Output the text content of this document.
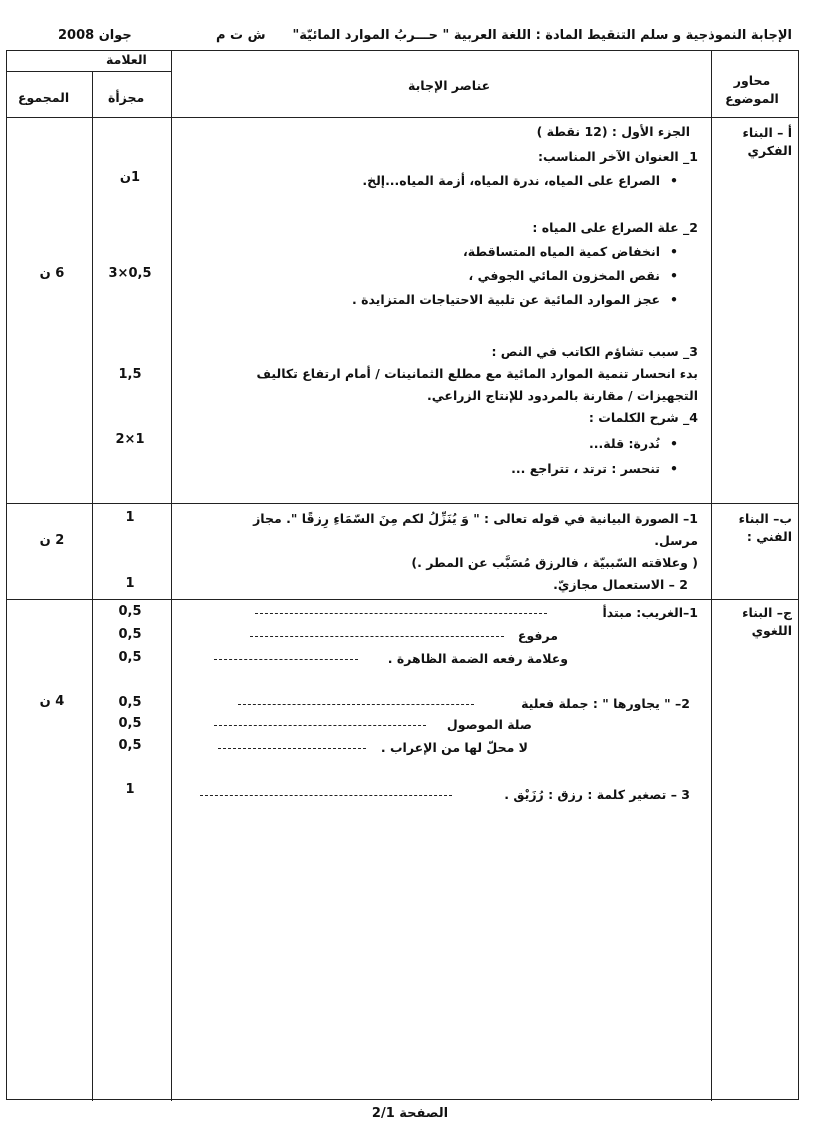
الإجابة النموذجية و سلم التنقيط المادة : اللغة العربية " حـــربُ الموارد المائيّة"
ش ت م
جوان 2008
العلامة
المجموع	مجزأة
عناصر الإجابة	محاور الموضوع
أ – البناء الفكري
6 ن
الجزء الأول : (12 نقطة )
1_ العنوان الآخر المناسب:
• الصراع على المياه، ندرة المياه، أزمة المياه...إلخ.
2_ علة الصراع على المياه :
• انخفاض كمية المياه المتساقطة،
• نقص المخزون المائي الجوفي ،
• عجز الموارد المائية عن تلبية الاحتياجات المتزايدة .
3_ سبب تشاؤم الكاتب في النص :
بدء انحسار تنمية الموارد المائية مع مطلع الثمانينات / أمام ارتفاع تكاليف
التجهيزات / مقارنة بالمردود للإنتاج الزراعي.
4_ شرح الكلمات :
• نُدرة: قلة...
• تنحسر : ترتد ، تتراجع ...
1ن
3×0,5
1,5
2×1
ب– البناء الفني :
2 ن
1– الصورة البيانية في قوله تعالى : " وَ يُنَزِّلُ لكم مِنَ السّمَاءِ رِزقًا ". مجاز
مرسل.
( وعلاقته السّببيّة ، فالرزق مُسَبَّب عن المطر .)
2 – الاستعمال مجازيّ.
1
1
ج– البناء اللغوي
4 ن
1–الغريب: مبتدأ
مرفوع
وعلامة رفعه الضمة الظاهرة .
2– " يجاورها " : جملة فعلية
صلة الموصول
لا محلّ لها من الإعراب .
3 – تصغير كلمة : رزق : رُزَيْق .
0,5
0,5
0,5
0,5
0,5
0,5
1
الصفحة 2/1
